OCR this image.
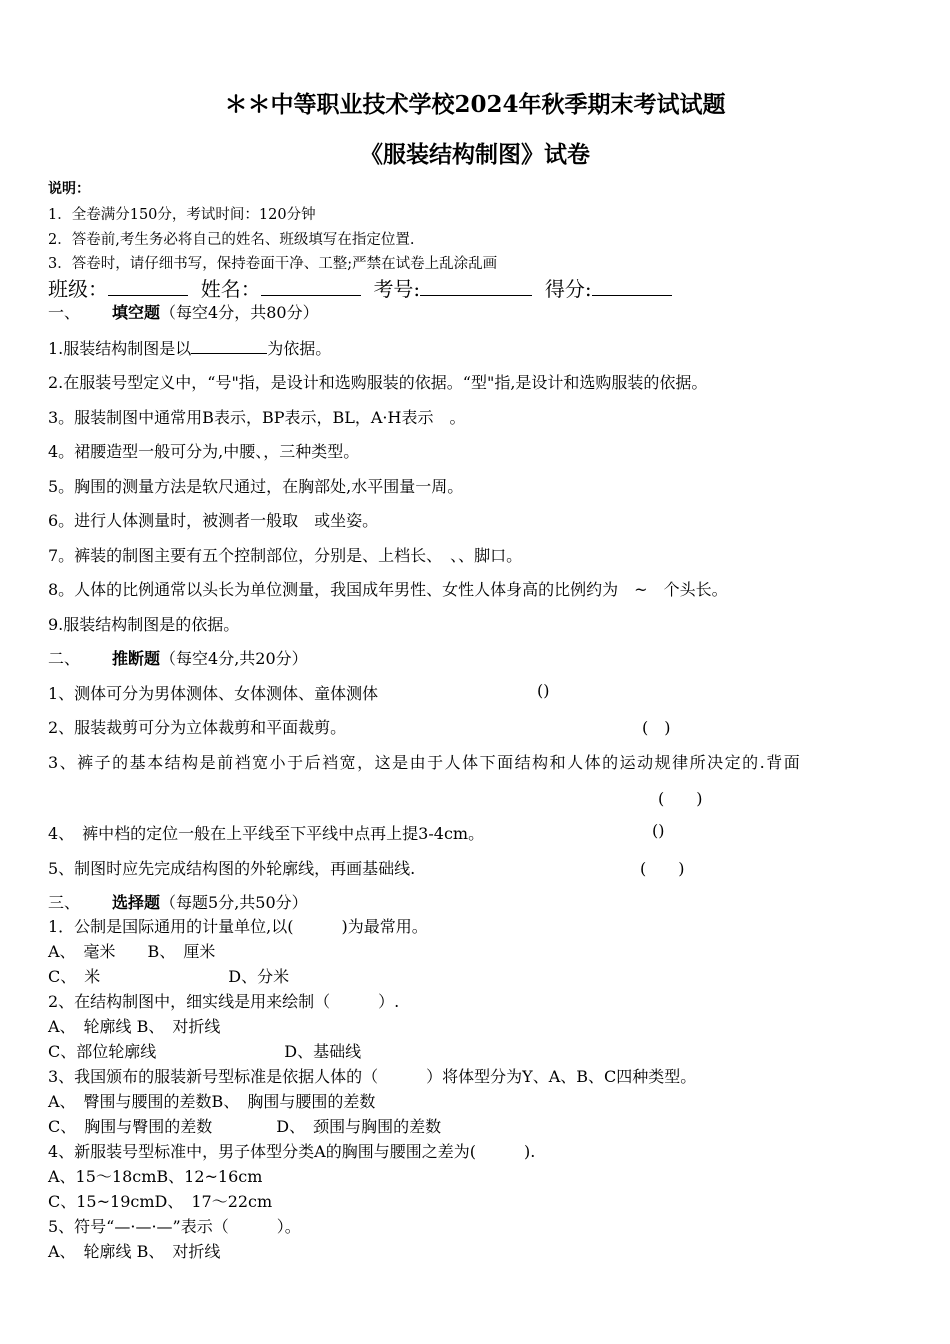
＊＊中等职业技术学校2024年秋季期末考试试题
《服装结构制图》试卷
说明：
1．全卷满分150分，考试时间：120分钟
2．答卷前,考生务必将自己的姓名、班级填写在指定位置.
3．答卷时，请仔细书写，保持卷面干净、工整;严禁在试卷上乱涂乱画
班级：	姓名：	考号:	得分:
一、 填空题（每空4分，共80分）
1.服装结构制图是以	为依据。
2.在服装号型定义中，“号"指，是设计和选购服装的依据。“型"指,是设计和选购服装的依据。
3。服装制图中通常用B表示，BP表示，BL，A·H表示　。
4。裙腰造型一般可分为,中腰、，三种类型。
5。胸围的测量方法是软尺通过，在胸部处,水平围量一周。
6。进行人体测量时，被测者一般取　或坐姿。
7。裤装的制图主要有五个控制部位，分别是、上档长、　、、脚口。
8。人体的比例通常以头长为单位测量，我国成年男性、女性人体身高的比例约为　~　个头长。
9.服装结构制图是的依据。
二、 推断题（每空4分,共20分）
1、测体可分为男体测体、女体测体、童体测体	()
2、服装裁剪可分为立体裁剪和平面裁剪。	(　)
3、裤子的基本结构是前裆宽小于后裆宽，这是由于人体下面结构和人体的运动规律所决定的.背面
(　　)
4、　裤中档的定位一般在上平线至下平线中点再上提3-4cm。	()
5、制图时应先完成结构图的外轮廓线，再画基础线.	(　　)
三、 选择题（每题5分,共50分）
1．公制是国际通用的计量单位,以(　　　)为最常用。
A、　毫米　　B、　厘米
C、　米　　　　　　　　D、分米
2、在结构制图中，细实线是用来绘制（　　　）.
A、　轮廓线 B、　对折线
C、部位轮廓线　　　　　　　　D、基础线
3、我国颁布的服装新号型标准是依据人体的（　　　）将体型分为Y、A、B、C四种类型。
A、　臀围与腰围的差数B、　胸围与腰围的差数
C、　胸围与臀围的差数　　　　D、　颈围与胸围的差数
4、新服装号型标准中，男子体型分类A的胸围与腰围之差为(　　　).
A、15～18cmB、12~16cm
C、15~19cmD、　17～22cm
5、符号“—·—·—”表示（　　　）。
A、　轮廓线 B、　对折线
